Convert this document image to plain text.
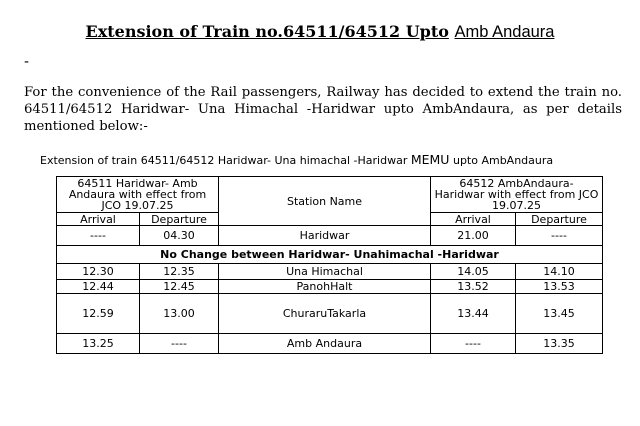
Extension of Train no.64511/64512 Upto Amb Andaura
-
For the convenience of the Rail passengers, Railway has decided to extend the train no. 64511/64512 Haridwar- Una Himachal -Haridwar upto AmbAndaura, as per details mentioned below:-
Extension of train 64511/64512 Haridwar- Una himachal -Haridwar MEMU upto AmbAndaura
64511 Haridwar- Amb Andaura with effect from JCO 19.07.25		Station Name	64512 AmbAndaura- Haridwar with effect from JCO 19.07.25	
Arrival	Departure		Arrival	Departure
----	04.30	Haridwar	21.00	----
No Change between Haridwar- Unahimachal -Haridwar				
12.30	12.35	Una Himachal	14.05	14.10
12.44	12.45	PanohHalt	13.52	13.53
12.59	13.00	ChuraruTakarla	13.44	13.45
13.25	----	Amb Andaura	----	13.35
